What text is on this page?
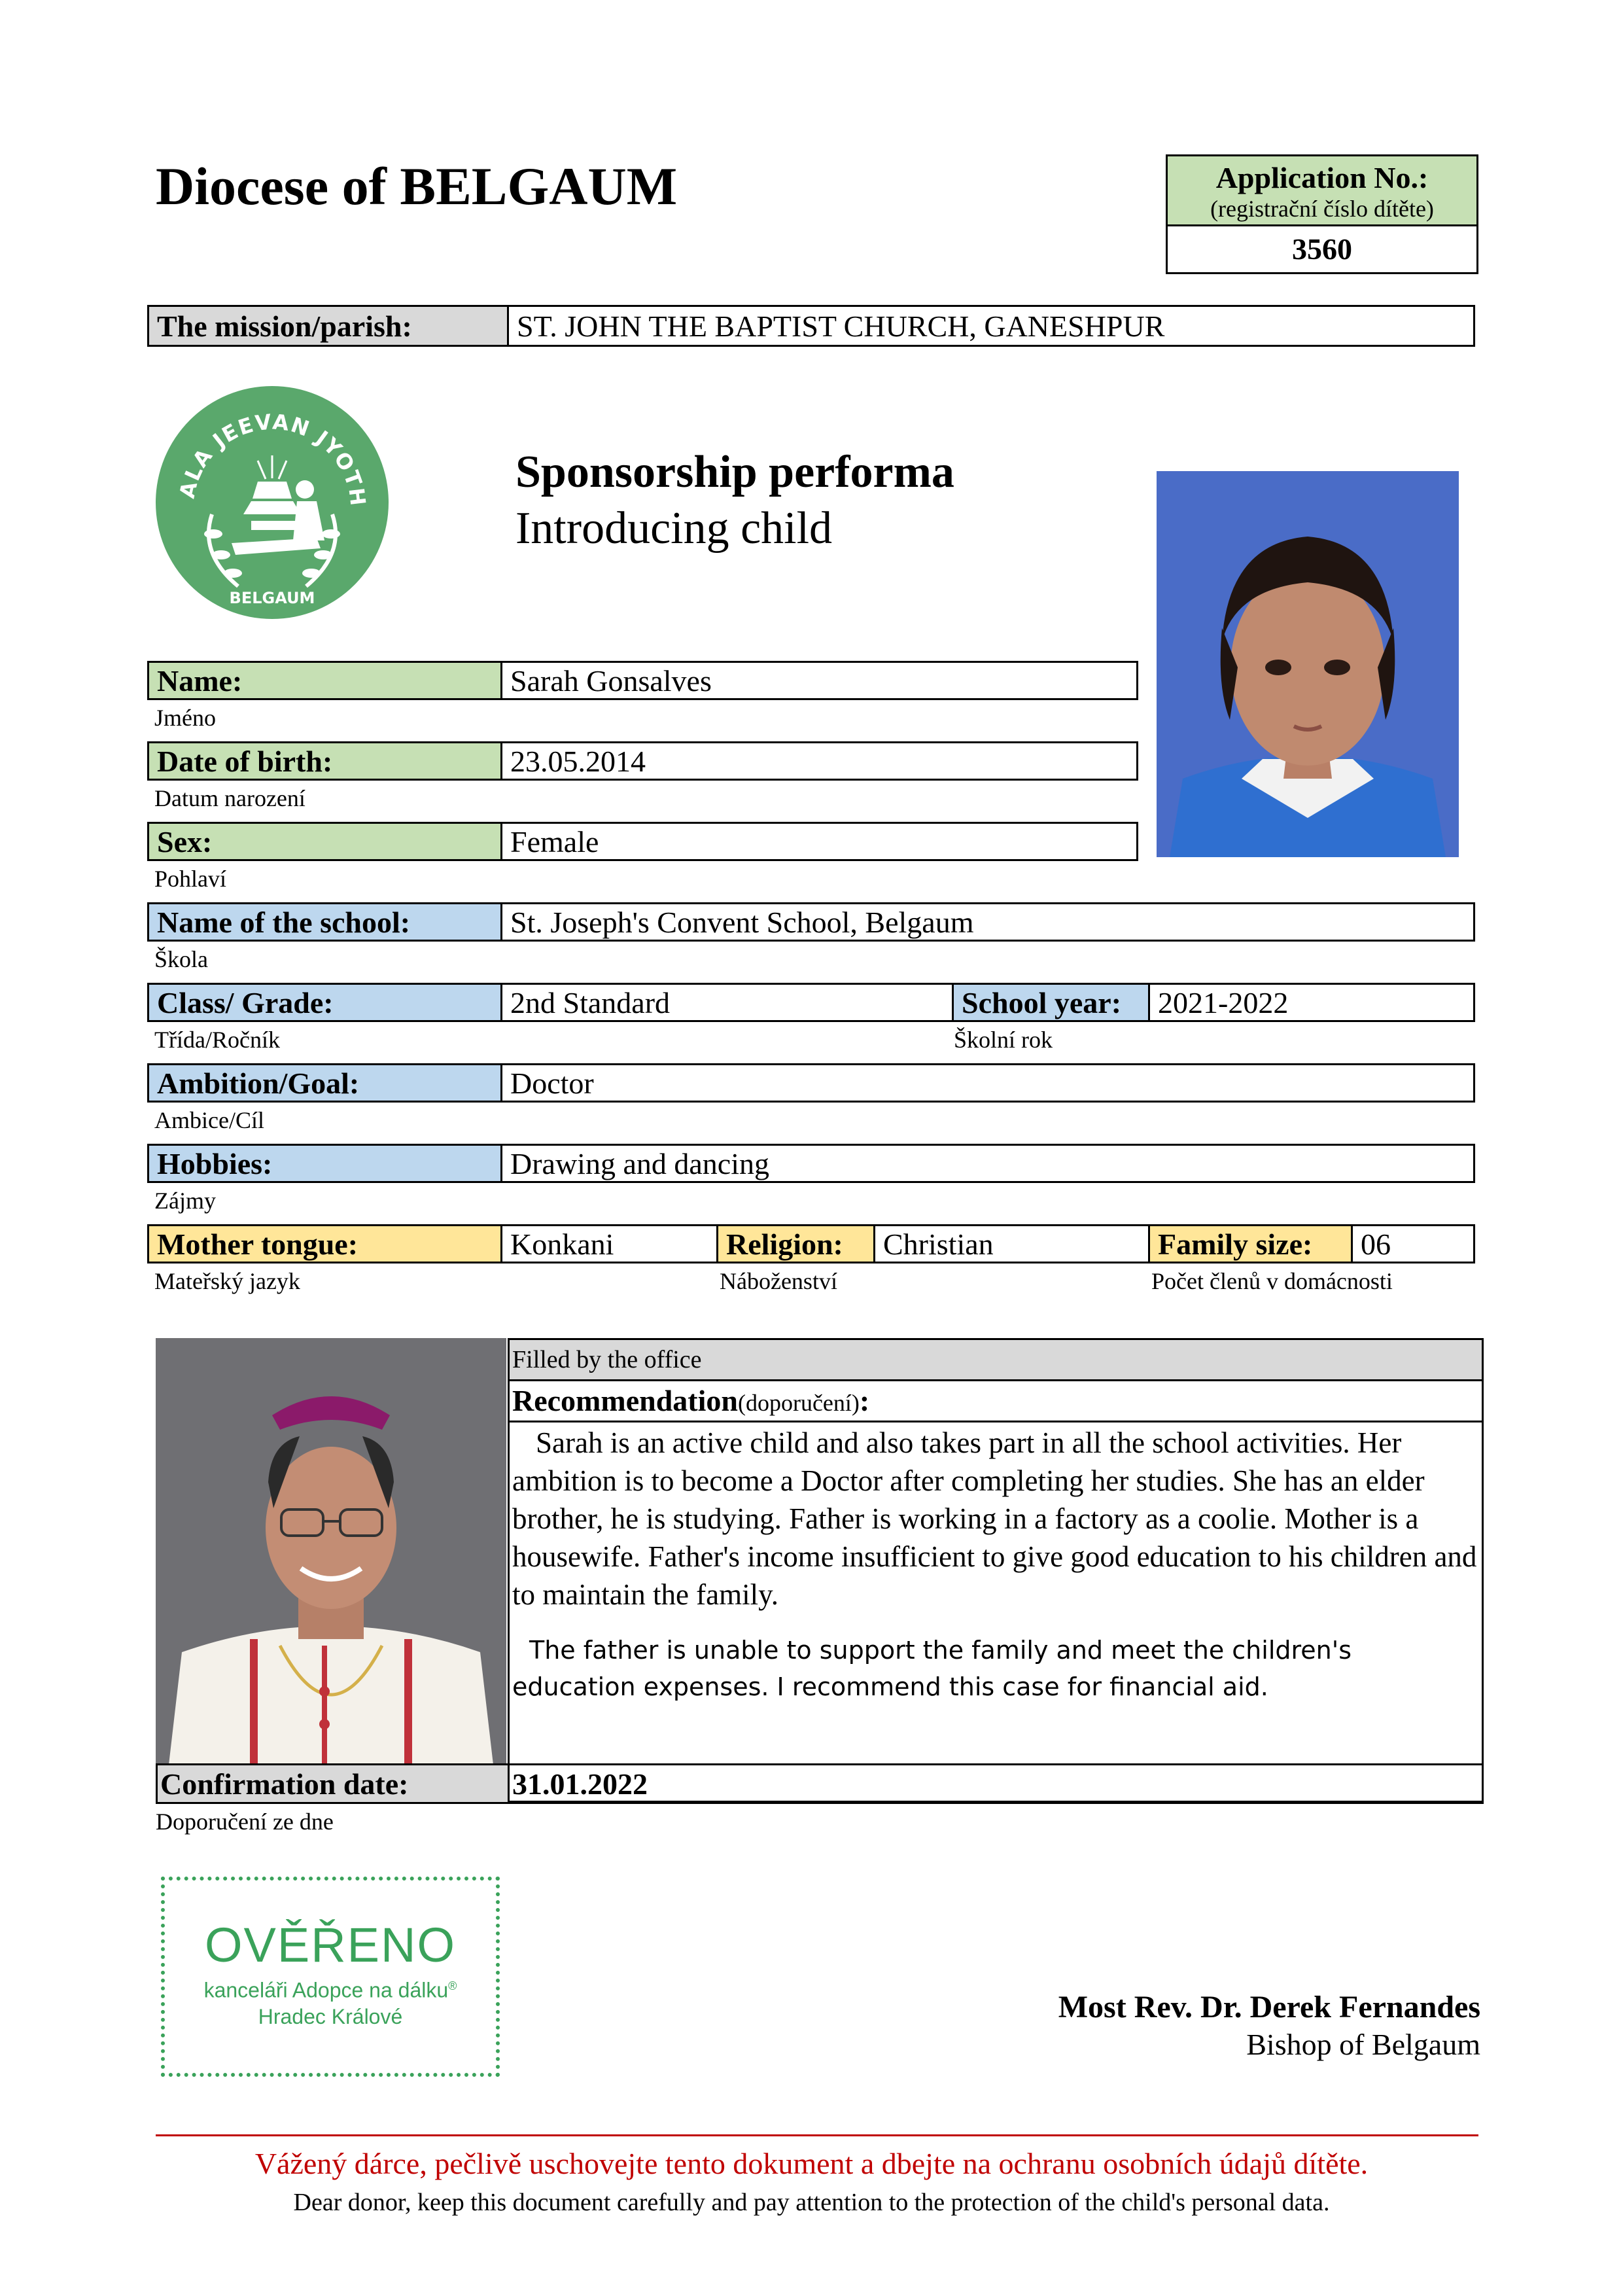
Diocese of BELGAUM	Application No.:
(registrační číslo dítěte)
3560
The mission/parish:	ST. JOHN THE BAPTIST CHURCH, GANESHPUR
ALA JEEVAN JYOTH
BELGAUM
Sponsorship performa
Introducing child
Name:	Sarah Gonsalves
Jméno
Date of birth:	23.05.2014
Datum narození
Sex:	Female
Pohlaví
Name of the school:	St. Joseph's Convent School, Belgaum
Škola
Class/ Grade:	2nd Standard	School year:	2021-2022
Třída/Ročník	Školní rok
Ambition/Goal:	Doctor
Ambice/Cíl
Hobbies:	Drawing and dancing
Zájmy
Mother tongue:	Konkani	Religion:	Christian	Family size:	06
Mateřský jazyk	Náboženství	Počet členů v domácnosti
Filled by the office
Recommendation(doporučení):
Sarah is an active child and also takes part in all the school activities. Her ambition is to become a Doctor after completing her studies. She has an elder brother, he is studying. Father is working in a factory as a coolie. Mother is a housewife. Father's income insufficient to give good education to his children and to maintain the family.
The father is unable to support the family and meet the children's education expenses. I recommend this case for financial aid.
Confirmation date:	31.01.2022
Doporučení ze dne
OVĚŘENO
kanceláři Adopce na dálku®
Hradec Králové	Most Rev. Dr. Derek Fernandes
Bishop of Belgaum
Vážený dárce, pečlivě uschovejte tento dokument a dbejte na ochranu osobních údajů dítěte.
Dear donor, keep this document carefully and pay attention to the protection of the child's personal data.
